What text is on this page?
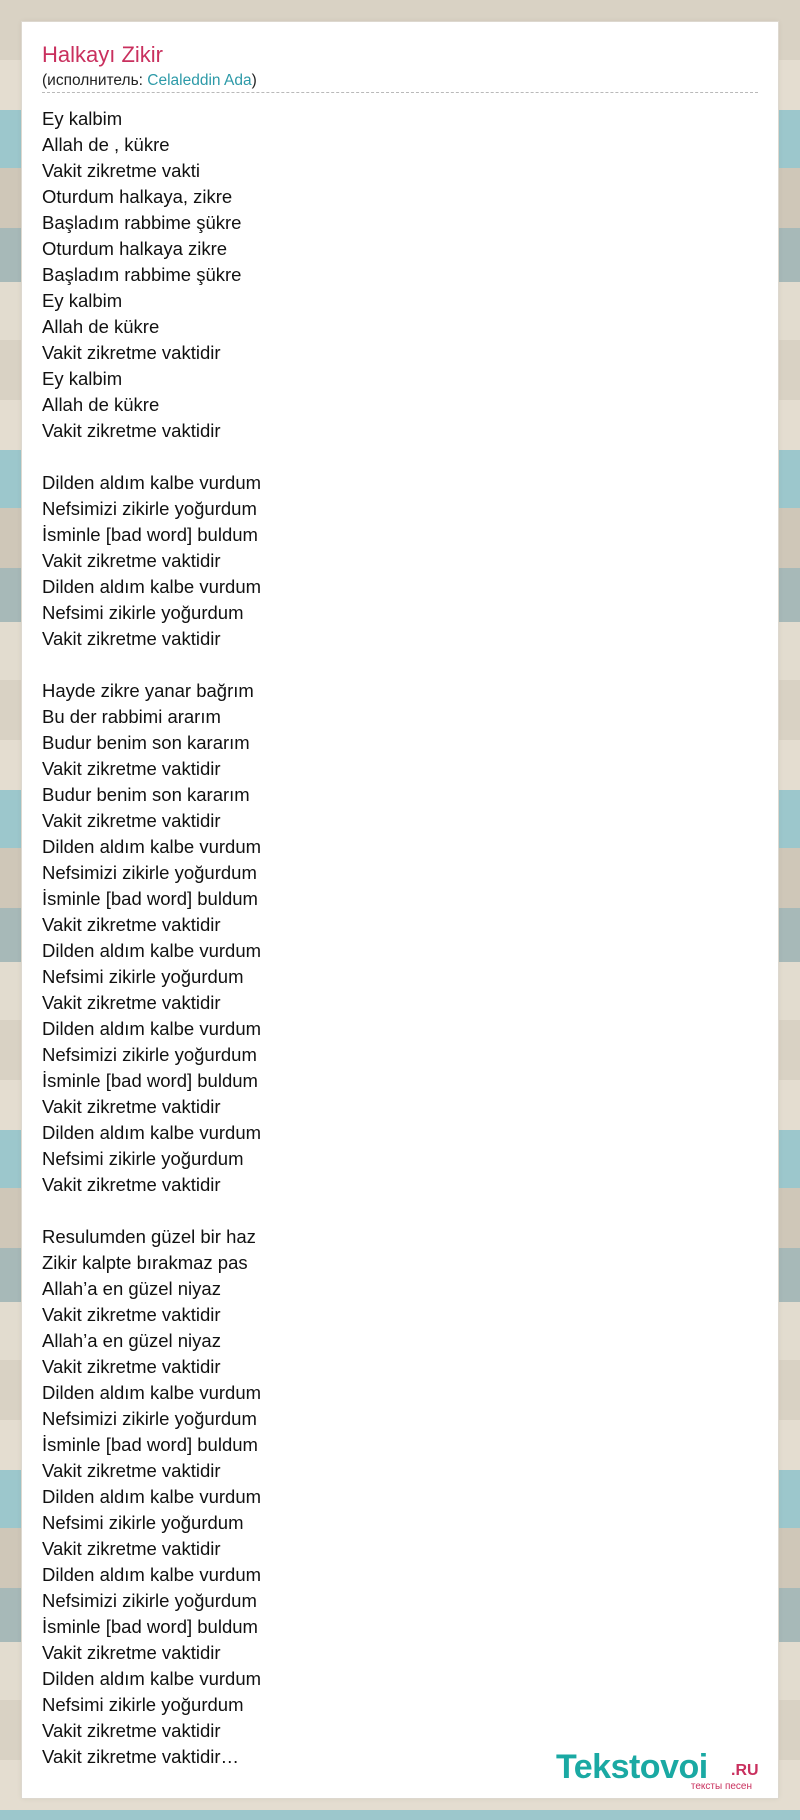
Halkayı Zikir
(исполнитель: Celaleddin Ada)
Ey kalbim
Allah de , kükre
Vakit zikretme vakti
Oturdum halkaya, zikre
Başladım rabbime şükre
Oturdum halkaya zikre
Başladım rabbime şükre
Ey kalbim
Allah de kükre
Vakit zikretme vaktidir
Ey kalbim
Allah de kükre
Vakit zikretme vaktidir
Dilden aldım kalbe vurdum
Nefsimizi zikirle yoğurdum
İsminle [bad word] buldum
Vakit zikretme vaktidir
Dilden aldım kalbe vurdum
Nefsimi zikirle yoğurdum
Vakit zikretme vaktidir
Hayde zikre yanar bağrım
Bu der rabbimi ararım
Budur benim son kararım
Vakit zikretme vaktidir
Budur benim son kararım
Vakit zikretme vaktidir
Dilden aldım kalbe vurdum
Nefsimizi zikirle yoğurdum
İsminle [bad word] buldum
Vakit zikretme vaktidir
Dilden aldım kalbe vurdum
Nefsimi zikirle yoğurdum
Vakit zikretme vaktidir
Dilden aldım kalbe vurdum
Nefsimizi zikirle yoğurdum
İsminle [bad word] buldum
Vakit zikretme vaktidir
Dilden aldım kalbe vurdum
Nefsimi zikirle yoğurdum
Vakit zikretme vaktidir
Resulumden güzel bir haz
Zikir kalpte bırakmaz pas
Allah’a en güzel niyaz
Vakit zikretme vaktidir
Allah’a en güzel niyaz
Vakit zikretme vaktidir
Dilden aldım kalbe vurdum
Nefsimizi zikirle yoğurdum
İsminle [bad word] buldum
Vakit zikretme vaktidir
Dilden aldım kalbe vurdum
Nefsimi zikirle yoğurdum
Vakit zikretme vaktidir
Dilden aldım kalbe vurdum
Nefsimizi zikirle yoğurdum
İsminle [bad word] buldum
Vakit zikretme vaktidir
Dilden aldım kalbe vurdum
Nefsimi zikirle yoğurdum
Vakit zikretme vaktidir
Vakit zikretme vaktidir…	Tekstovoi .RU
тексты песен
